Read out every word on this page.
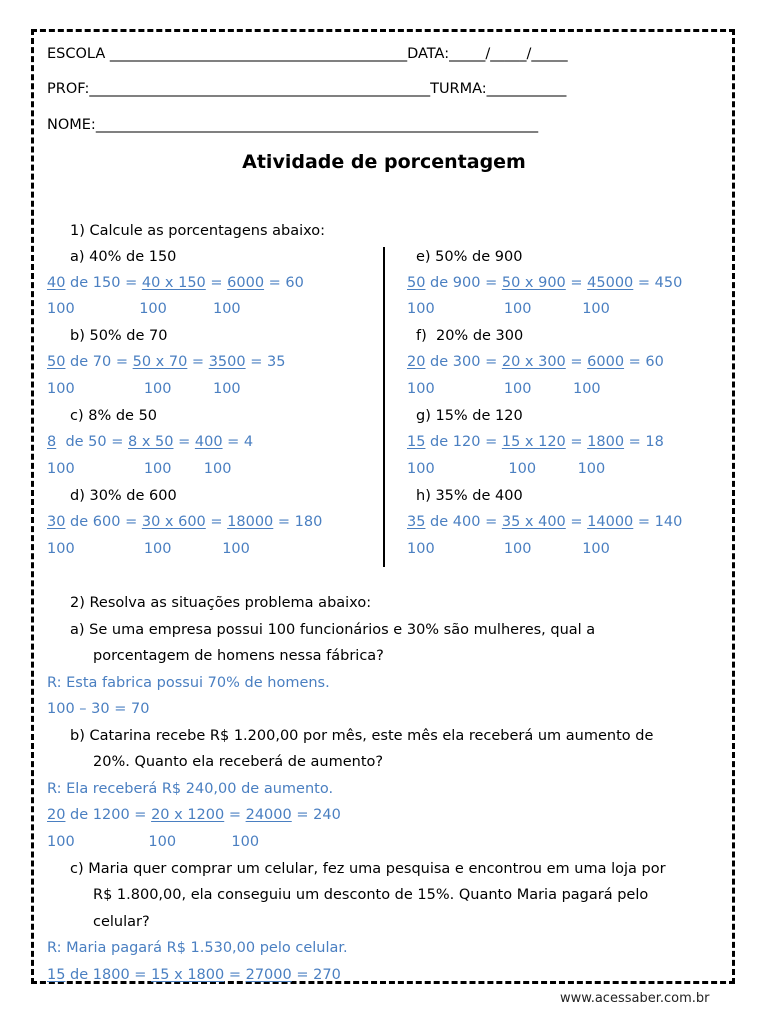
ESCOLA _________________________________________DATA:_____/_____/_____
PROF:_______________________________________________TURMA:___________
NOME:_____________________________________________________________
Atividade de porcentagem
1) Calcule as porcentagens abaixo:
a) 40% de 150
40 de 150 = 40 x 150 = 6000 = 60
100              100          100
b) 50% de 70
50 de 70 = 50 x 70 = 3500 = 35
100               100         100
c) 8% de 50
8  de 50 = 8 x 50 = 400 = 4
100               100       100
d) 30% de 600
30 de 600 = 30 x 600 = 18000 = 180
100               100           100
e) 50% de 900
50 de 900 = 50 x 900 = 45000 = 450
100               100           100
f)  20% de 300
20 de 300 = 20 x 300 = 6000 = 60
100               100         100
g) 15% de 120
15 de 120 = 15 x 120 = 1800 = 18
100                100         100
h) 35% de 400
35 de 400 = 35 x 400 = 14000 = 140
100               100           100
2) Resolva as situações problema abaixo:
a) Se uma empresa possui 100 funcionários e 30% são mulheres, qual a
porcentagem de homens nessa fábrica?
R: Esta fabrica possui 70% de homens.
100 – 30 = 70
b) Catarina recebe R$ 1.200,00 por mês, este mês ela receberá um aumento de
20%. Quanto ela receberá de aumento?
R: Ela receberá R$ 240,00 de aumento.
20 de 1200 = 20 x 1200 = 24000 = 240
100                100            100
c) Maria quer comprar um celular, fez uma pesquisa e encontrou em uma loja por
R$ 1.800,00, ela conseguiu um desconto de 15%. Quanto Maria pagará pelo
celular?
R: Maria pagará R$ 1.530,00 pelo celular.
15 de 1800 = 15 x 1800 = 27000 = 270
www.acessaber.com.br
